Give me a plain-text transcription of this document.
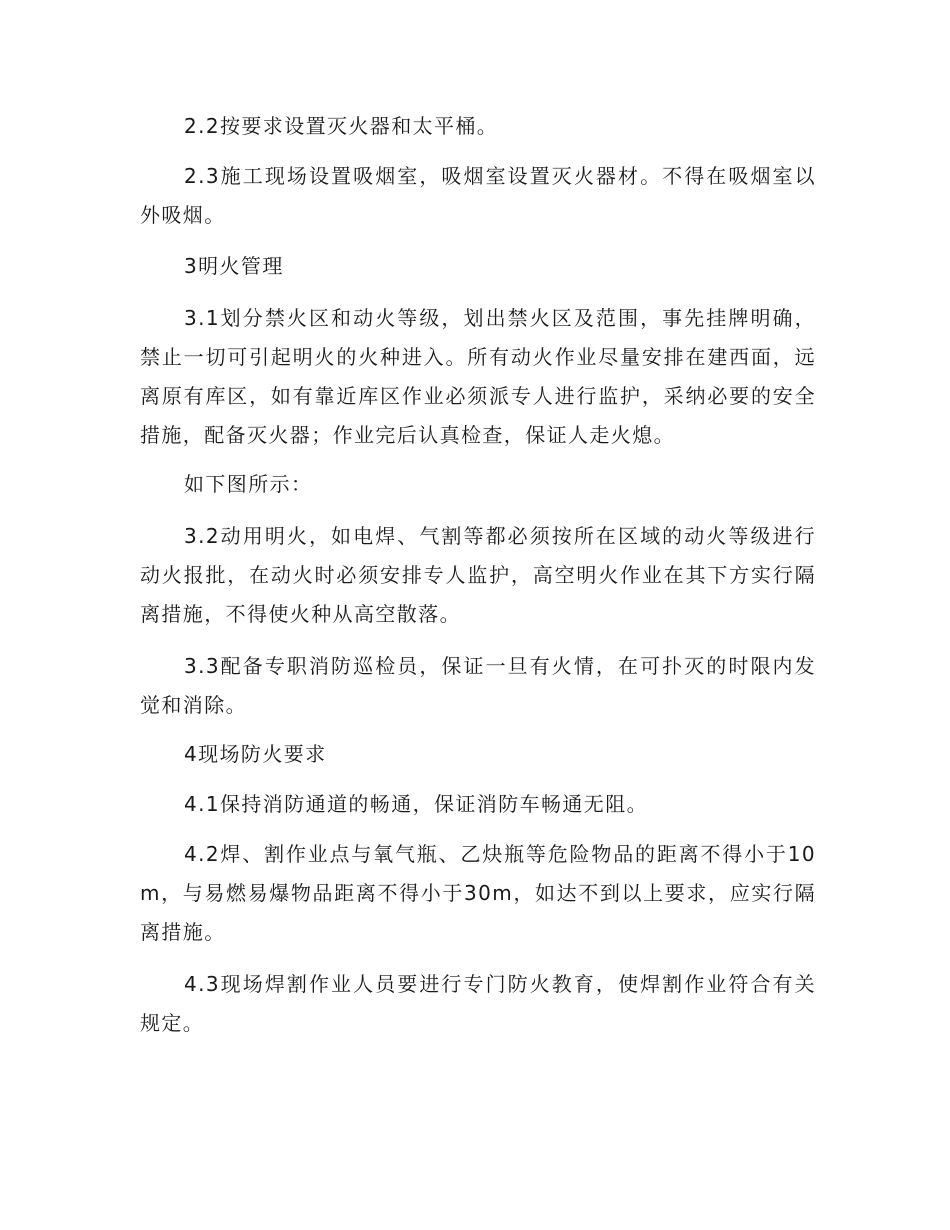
2.2按要求设置灭火器和太平桶。

2.3施工现场设置吸烟室，吸烟室设置灭火器材。不得在吸烟室以外吸烟。

3明火管理

3.1划分禁火区和动火等级，划出禁火区及范围，事先挂牌明确，禁止一切可引起明火的火种进入。所有动火作业尽量安排在建西面，远离原有库区，如有靠近库区作业必须派专人进行监护，采纳必要的安全措施，配备灭火器；作业完后认真检查，保证人走火熄。

如下图所示：

3.2动用明火，如电焊、气割等都必须按所在区域的动火等级进行动火报批，在动火时必须安排专人监护，高空明火作业在其下方实行隔离措施，不得使火种从高空散落。

3.3配备专职消防巡检员，保证一旦有火情，在可扑灭的时限内发觉和消除。

4现场防火要求

4.1保持消防通道的畅通，保证消防车畅通无阻。

4.2焊、割作业点与氧气瓶、乙炔瓶等危险物品的距离不得小于10m，与易燃易爆物品距离不得小于30m，如达不到以上要求，应实行隔离措施。

4.3现场焊割作业人员要进行专门防火教育，使焊割作业符合有关规定。
